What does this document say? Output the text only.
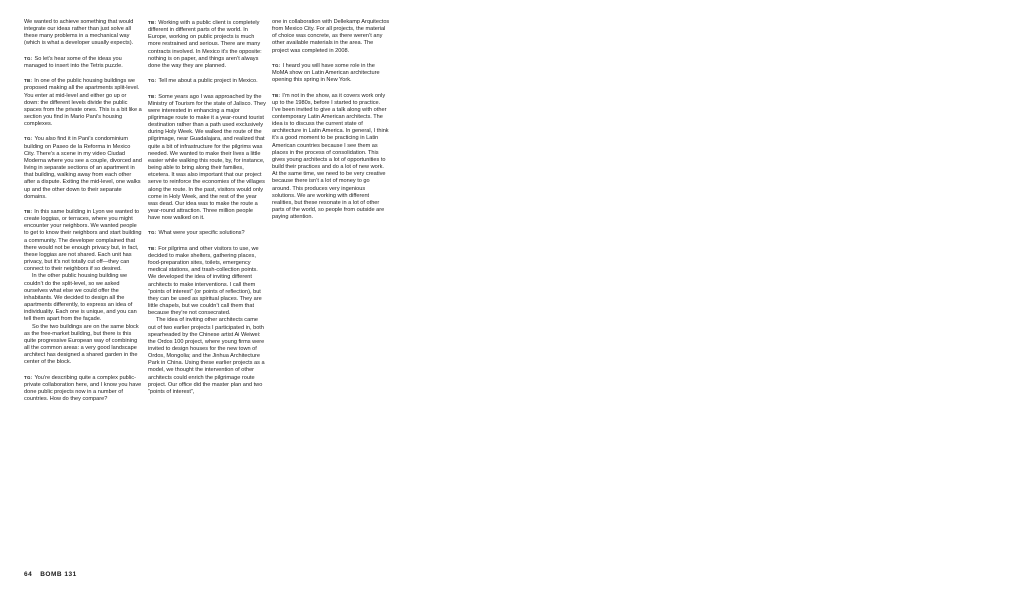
We wanted to achieve something that would integrate our ideas rather than just solve all these many problems in a mechanical way (which is what a developer usually expects).

TG: So let’s hear some of the ideas you managed to insert into the Tetris puzzle.

TB: In one of the public housing buildings we proposed making all the apartments split-level. You enter at mid-level and either go up or down: the different levels divide the public spaces from the private ones. This is a bit like a section you find in Mario Pani’s housing complexes.

TG: You also find it in Pani’s condominium building on Paseo de la Reforma in Mexico City. There’s a scene in my video Ciudad Moderna where you see a couple, divorced and living in separate sections of an apartment in that building, walking away from each other after a dispute. Exiting the mid-level, one walks up and the other down to their separate domains.

TB: In this same building in Lyon we wanted to create loggias, or terraces, where you might encounter your neighbors. We wanted people to get to know their neighbors and start building a community. The developer complained that there would not be enough privacy but, in fact, these loggias are not shared. Each unit has privacy, but it’s not totally cut off—they can connect to their neighbors if so desired.

In the other public housing building we couldn’t do the split-level, so we asked ourselves what else we could offer the inhabitants. We decided to design all the apartments differently, to express an idea of individuality. Each one is unique, and you can tell them apart from the façade.

So the two buildings are on the same block as the free-market building, but there is this quite progressive European way of combining all the common areas: a very good landscape architect has designed a shared garden in the center of the block.

TG: You’re describing quite a complex public-private collaboration here, and I know you have done public projects now in a number of countries. How do they compare?

TB: Working with a public client is completely different in different parts of the world. In Europe, working on public projects is much more restrained and serious. There are many contracts involved. In Mexico it’s the opposite: nothing is on paper, and things aren’t always done the way they are planned.

TG: Tell me about a public project in Mexico.

TB: Some years ago I was approached by the Ministry of Tourism for the state of Jalisco. They were interested in enhancing a major pilgrimage route to make it a year-round tourist destination rather than a path used exclusively during Holy Week. We walked the route of the pilgrimage, near Guadalajara, and realized that quite a bit of infrastructure for the pilgrims was needed. We wanted to make their lives a little easier while walking this route, by, for instance, being able to bring along their families, etcetera. It was also important that our project serve to reinforce the economies of the villages along the route. In the past, visitors would only come in Holy Week, and the rest of the year was dead. Our idea was to make the route a year-round attraction. Three million people have now walked on it.

TG: What were your specific solutions?

TB: For pilgrims and other visitors to use, we decided to make shelters, gathering places, food-preparation sites, toilets, emergency medical stations, and trash-collection points. We developed the idea of inviting different architects to make interventions. I call them “points of interest” (or points of reflection), but they can be used as spiritual places. They are little chapels, but we couldn’t call them that because they’re not consecrated.

The idea of inviting other architects came out of two earlier projects I participated in, both spearheaded by the Chinese artist Ai Weiwei: the Ordos 100 project, where young firms were invited to design houses for the new town of Ordos, Mongolia; and the Jinhua Architecture Park in China. Using these earlier projects as a model, we thought the intervention of other architects could enrich the pilgrimage route project. Our office did the master plan and two “points of interest”,

one in collaboration with Dellekamp Arquitectos from Mexico City. For all projects, the material of choice was concrete, as there weren’t any other available materials in the area. The project was completed in 2008.

TG: I heard you will have some role in the MoMA show on Latin American architecture opening this spring in New York.

TB: I’m not in the show, as it covers work only up to the 1980s, before I started to practice. I’ve been invited to give a talk along with other contemporary Latin American architects. The idea is to discuss the current state of architecture in Latin America. In general, I think it’s a good moment to be practicing in Latin American countries because I see them as places in the process of consolidation. This gives young architects a lot of opportunities to build their practices and do a lot of new work. At the same time, we need to be very creative because there isn’t a lot of money to go around. This produces very ingenious solutions. We are working with different realities, but these resonate in a lot of other parts of the world, so people from outside are paying attention.

64 BOMB 131
